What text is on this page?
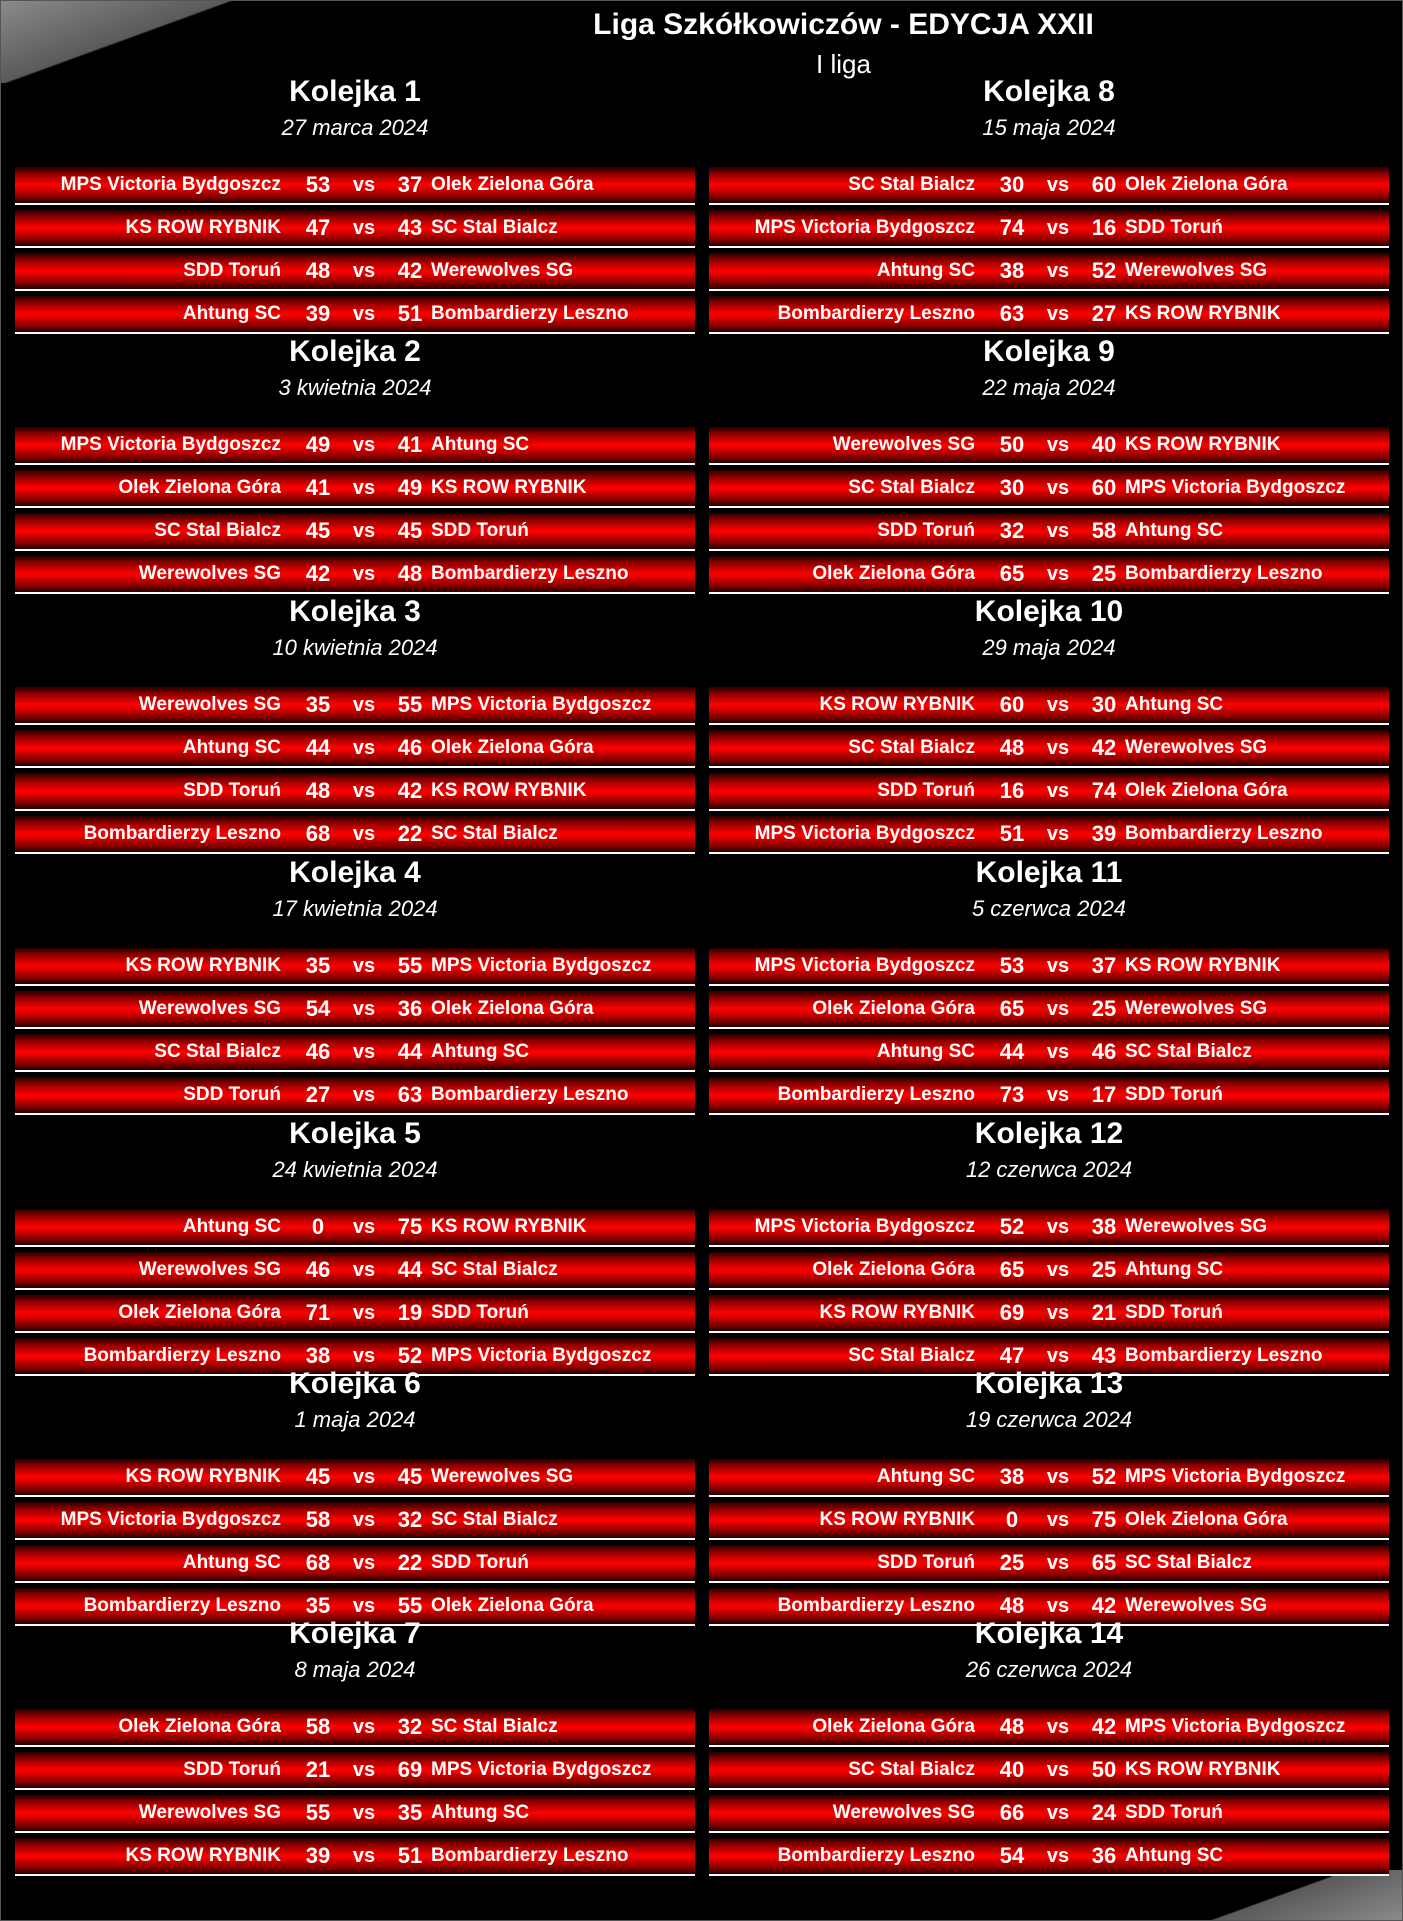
Liga Szkółkowiczów - EDYCJA XXII
I liga
Kolejka 1
27 marca 2024
MPS Victoria Bydgoszcz	53	vs	37 Olek Zielona Góra
KS ROW RYBNIK	47	vs	43 SC Stal Bialcz
SDD Toruń	48	vs	42 Werewolves SG
Ahtung SC	39	vs	51 Bombardierzy Leszno
Kolejka 2
3 kwietnia 2024
MPS Victoria Bydgoszcz	49	vs	41 Ahtung SC
Olek Zielona Góra	41	vs	49 KS ROW RYBNIK
SC Stal Bialcz	45	vs	45 SDD Toruń
Werewolves SG	42	vs	48 Bombardierzy Leszno
Kolejka 3
10 kwietnia 2024
Werewolves SG	35	vs	55 MPS Victoria Bydgoszcz
Ahtung SC	44	vs	46 Olek Zielona Góra
SDD Toruń	48	vs	42 KS ROW RYBNIK
Bombardierzy Leszno	68	vs	22 SC Stal Bialcz
Kolejka 4
17 kwietnia 2024
KS ROW RYBNIK	35	vs	55 MPS Victoria Bydgoszcz
Werewolves SG	54	vs	36 Olek Zielona Góra
SC Stal Bialcz	46	vs	44 Ahtung SC
SDD Toruń	27	vs	63 Bombardierzy Leszno
Kolejka 5
24 kwietnia 2024
Ahtung SC	0	vs	75 KS ROW RYBNIK
Werewolves SG	46	vs	44 SC Stal Bialcz
Olek Zielona Góra	71	vs	19 SDD Toruń
Bombardierzy Leszno	38	vs	52 MPS Victoria Bydgoszcz
Kolejka 6
1 maja 2024
KS ROW RYBNIK	45	vs	45 Werewolves SG
MPS Victoria Bydgoszcz	58	vs	32 SC Stal Bialcz
Ahtung SC	68	vs	22 SDD Toruń
Bombardierzy Leszno	35	vs	55 Olek Zielona Góra
Kolejka 7
8 maja 2024
Olek Zielona Góra	58	vs	32 SC Stal Bialcz
SDD Toruń	21	vs	69 MPS Victoria Bydgoszcz
Werewolves SG	55	vs	35 Ahtung SC
KS ROW RYBNIK	39	vs	51 Bombardierzy Leszno
Kolejka 8
15 maja 2024
SC Stal Bialcz	30	vs	60 Olek Zielona Góra
MPS Victoria Bydgoszcz	74	vs	16 SDD Toruń
Ahtung SC	38	vs	52 Werewolves SG
Bombardierzy Leszno	63	vs	27 KS ROW RYBNIK
Kolejka 9
22 maja 2024
Werewolves SG	50	vs	40 KS ROW RYBNIK
SC Stal Bialcz	30	vs	60 MPS Victoria Bydgoszcz
SDD Toruń	32	vs	58 Ahtung SC
Olek Zielona Góra	65	vs	25 Bombardierzy Leszno
Kolejka 10
29 maja 2024
KS ROW RYBNIK	60	vs	30 Ahtung SC
SC Stal Bialcz	48	vs	42 Werewolves SG
SDD Toruń	16	vs	74 Olek Zielona Góra
MPS Victoria Bydgoszcz	51	vs	39 Bombardierzy Leszno
Kolejka 11
5 czerwca 2024
MPS Victoria Bydgoszcz	53	vs	37 KS ROW RYBNIK
Olek Zielona Góra	65	vs	25 Werewolves SG
Ahtung SC	44	vs	46 SC Stal Bialcz
Bombardierzy Leszno	73	vs	17 SDD Toruń
Kolejka 12
12 czerwca 2024
MPS Victoria Bydgoszcz	52	vs	38 Werewolves SG
Olek Zielona Góra	65	vs	25 Ahtung SC
KS ROW RYBNIK	69	vs	21 SDD Toruń
SC Stal Bialcz	47	vs	43 Bombardierzy Leszno
Kolejka 13
19 czerwca 2024
Ahtung SC	38	vs	52 MPS Victoria Bydgoszcz
KS ROW RYBNIK	0	vs	75 Olek Zielona Góra
SDD Toruń	25	vs	65 SC Stal Bialcz
Bombardierzy Leszno	48	vs	42 Werewolves SG
Kolejka 14
26 czerwca 2024
Olek Zielona Góra	48	vs	42 MPS Victoria Bydgoszcz
SC Stal Bialcz	40	vs	50 KS ROW RYBNIK
Werewolves SG	66	vs	24 SDD Toruń
Bombardierzy Leszno	54	vs	36 Ahtung SC
